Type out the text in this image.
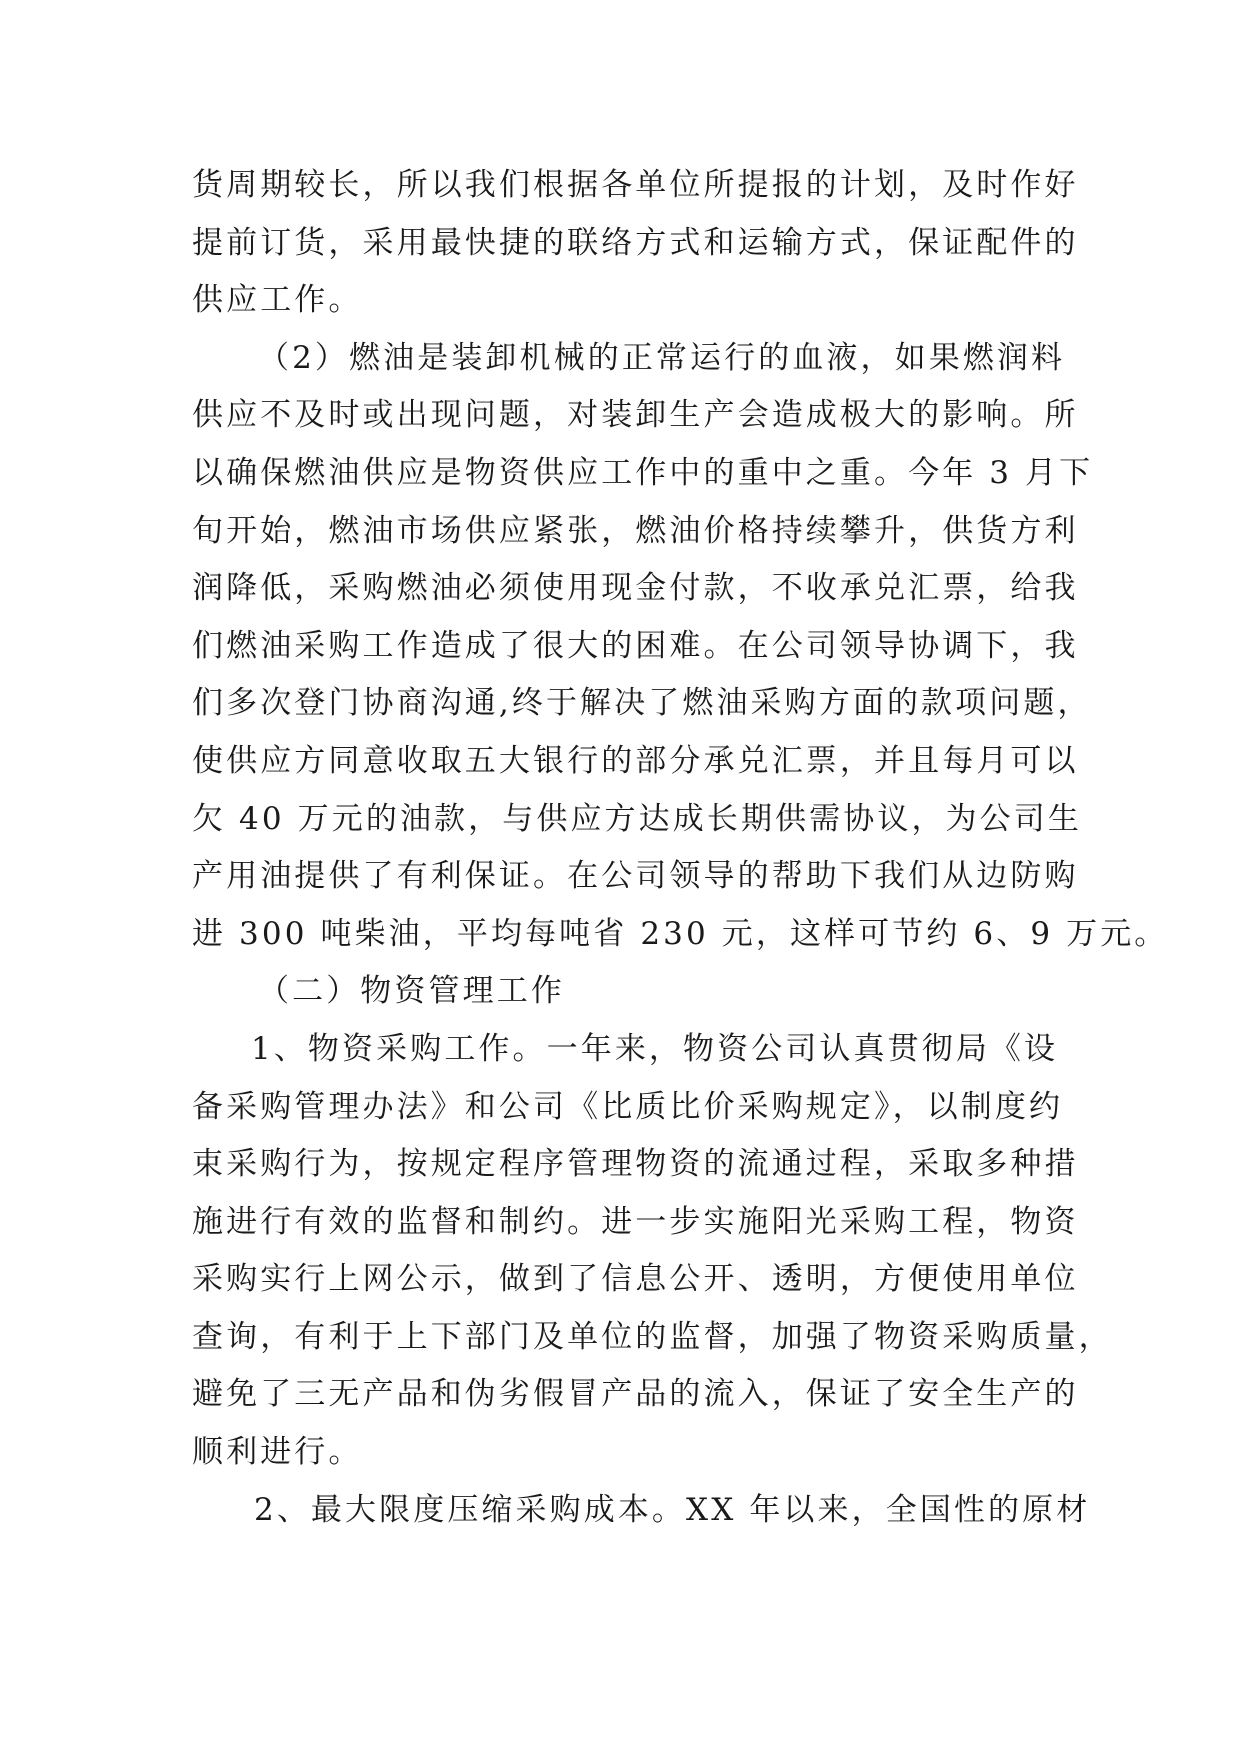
货周期较长，所以我们根据各单位所提报的计划，及时作好
提前订货，采用最快捷的联络方式和运输方式，保证配件的
供应工作。
（2）燃油是装卸机械的正常运行的血液，如果燃润料
供应不及时或出现问题，对装卸生产会造成极大的影响。所
以确保燃油供应是物资供应工作中的重中之重。今年 3 月下
旬开始，燃油市场供应紧张，燃油价格持续攀升，供货方利
润降低，采购燃油必须使用现金付款，不收承兑汇票，给我
们燃油采购工作造成了很大的困难。在公司领导协调下，我
们多次登门协商沟通,终于解决了燃油采购方面的款项问题，
使供应方同意收取五大银行的部分承兑汇票，并且每月可以
欠 40 万元的油款，与供应方达成长期供需协议，为公司生
产用油提供了有利保证。在公司领导的帮助下我们从边防购
进 300 吨柴油，平均每吨省 230 元，这样可节约 6、9 万元。
（二）物资管理工作
1、物资采购工作。一年来，物资公司认真贯彻局《设
备采购管理办法》和公司《比质比价采购规定》，以制度约
束采购行为，按规定程序管理物资的流通过程，采取多种措
施进行有效的监督和制约。进一步实施阳光采购工程，物资
采购实行上网公示，做到了信息公开、透明，方便使用单位
查询，有利于上下部门及单位的监督，加强了物资采购质量，
避免了三无产品和伪劣假冒产品的流入，保证了安全生产的
顺利进行。
2、最大限度压缩采购成本。XX 年以来，全国性的原材
